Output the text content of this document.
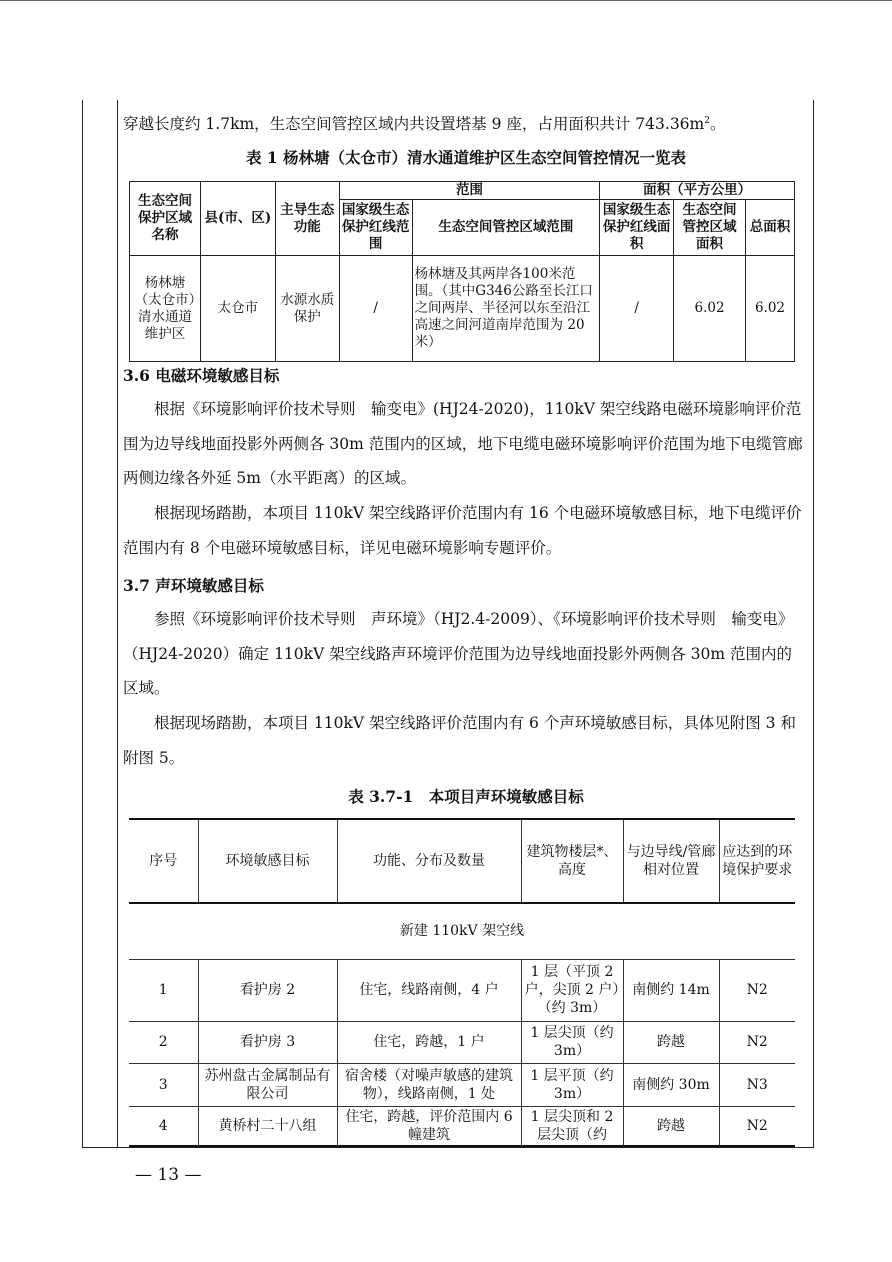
穿越长度约 1.7km，生态空间管控区域内共设置塔基 9 座，占用面积共计 $743.36m^2$。
表 1 杨林塘（太仓市）清水通道维护区生态空间管控情况一览表
生态空间保护区域名称	县(市、区)	主导生态功能	范围		面积（平方公里）		
			国家级生态保护红线范围	生态空间管控区域范围	国家级生态保护红线面积	生态空间管控区域面积	总面积
杨林塘（太仓市）清水通道维护区	太仓市	水源水质保护	/	杨林塘及其两岸各100米范围。（其中G346公路至长江口之间两岸、半径河以东至沿江高速之间河道南岸范围为 20 米）	/	6.02	6.02
3.6 电磁环境敏感目标
根据《环境影响评价技术导则　输变电》(HJ24-2020)，110kV 架空线路电磁环境影响评价范围为边导线地面投影外两侧各 30m 范围内的区域，地下电缆电磁环境影响评价范围为地下电缆管廊两侧边缘各外延 5m（水平距离）的区域。
根据现场踏勘，本项目 110kV 架空线路评价范围内有 16 个电磁环境敏感目标，地下电缆评价范围内有 8 个电磁环境敏感目标，详见电磁环境影响专题评价。
3.7 声环境敏感目标
参照《环境影响评价技术导则　声环境》（HJ2.4-2009）、《环境影响评价技术导则　输变电》（HJ24-2020）确定 110kV 架空线路声环境评价范围为边导线地面投影外两侧各 30m 范围内的区域。
根据现场踏勘，本项目 110kV 架空线路评价范围内有 6 个声环境敏感目标，具体见附图 3 和附图 5。
表 3.7-1　本项目声环境敏感目标
序号	环境敏感目标	功能、分布及数量	建筑物楼层*、高度	与边导线/管廊相对位置	应达到的环境保护要求
新建 110kV 架空线					
1	看护房 2	住宅，线路南侧，4 户	1 层（平顶 2 户，尖顶 2 户）（约 3m）	南侧约 14m	N2
2	看护房 3	住宅，跨越，1 户	1 层尖顶（约 3m）	跨越	N2
3	苏州盘古金属制品有限公司	宿舍楼（对噪声敏感的建筑物），线路南侧，1 处	1 层平顶（约 3m）	南侧约 30m	N3
4	黄桥村二十八组	住宅，跨越，评价范围内 6 幢建筑	1 层尖顶和 2 层尖顶（约	跨越	N2
— 13 —
